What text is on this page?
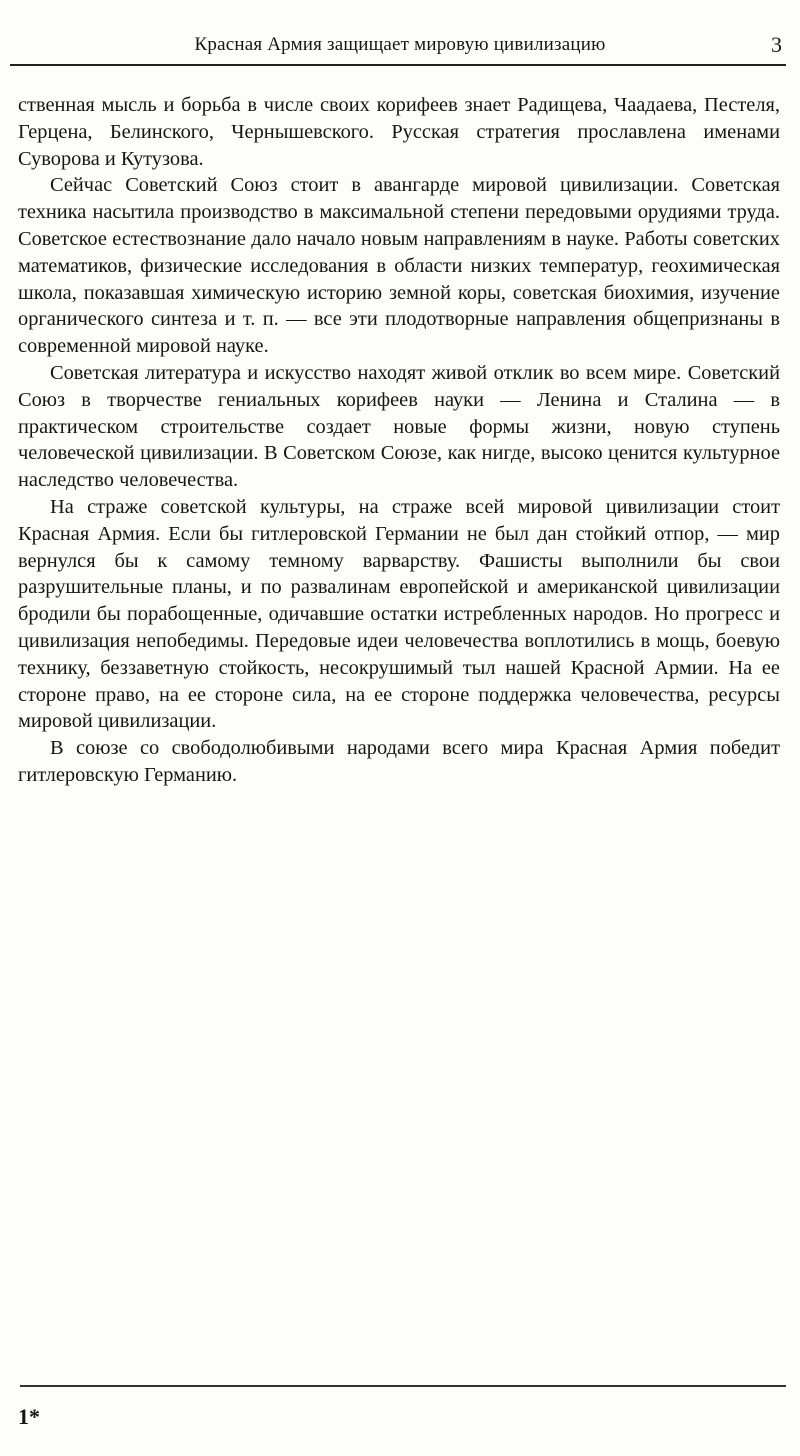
Красная Армия защищает мировую цивилизацию	3

ственная мысль и борьба в числе своих корифеев знает Радищева, Чаадаева, Пестеля, Герцена, Белинского, Чернышевского. Русская стратегия прославлена именами Суворова и Кутузова.

Сейчас Советский Союз стоит в авангарде мировой цивилизации. Советская техника насытила производство в максимальной степени передовыми орудиями труда. Советское естествознание дало начало новым направлениям в науке. Работы советских математиков, физические исследования в области низких температур, геохимическая школа, показавшая химическую историю земной коры, советская биохимия, изучение органического синтеза и т. п. — все эти плодотворные направления общепризнаны в современной мировой науке.

Советская литература и искусство находят живой отклик во всем мире. Советский Союз в творчестве гениальных корифеев науки — Ленина и Сталина — в практическом строительстве создает новые формы жизни, новую ступень человеческой цивилизации. В Советском Союзе, как нигде, высоко ценится культурное наследство человечества.

На страже советской культуры, на страже всей мировой цивилизации стоит Красная Армия. Если бы гитлеровской Германии не был дан стойкий отпор, — мир вернулся бы к самому темному варварству. Фашисты выполнили бы свои разрушительные планы, и по развалинам европейской и американской цивилизации бродили бы порабощенные, одичавшие остатки истребленных народов. Но прогресс и цивилизация непобедимы. Передовые идеи человечества воплотились в мощь, боевую технику, беззаветную стойкость, несокрушимый тыл нашей Красной Армии. На ее стороне право, на ее стороне сила, на ее стороне поддержка человечества, ресурсы мировой цивилизации.

В союзе со свободолюбивыми народами всего мира Красная Армия победит гитлеровскую Германию.

1*
